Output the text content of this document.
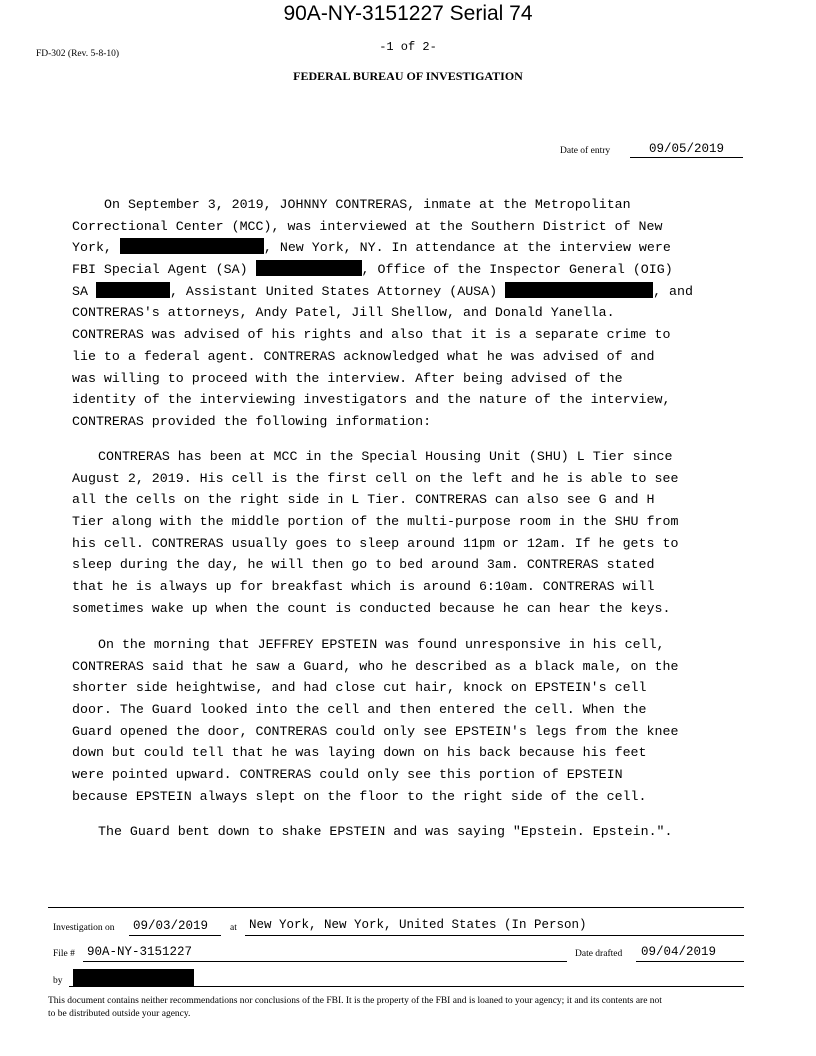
90A-NY-3151227 Serial 74
FD-302 (Rev. 5-8-10)	-1 of 2-
FEDERAL BUREAU OF INVESTIGATION
Date of entry	09/05/2019
On September 3, 2019, JOHNNY CONTRERAS, inmate at the Metropolitan
Correctional Center (MCC), was interviewed at the Southern District of New
York,	, New York, NY. In attendance at the interview were
FBI Special Agent (SA)	, Office of the Inspector General (OIG)
SA	, Assistant United States Attorney (AUSA)	, and
CONTRERAS's attorneys, Andy Patel, Jill Shellow, and Donald Yanella.
CONTRERAS was advised of his rights and also that it is a separate crime to
lie to a federal agent. CONTRERAS acknowledged what he was advised of and
was willing to proceed with the interview. After being advised of the
identity of the interviewing investigators and the nature of the interview,
CONTRERAS provided the following information:
CONTRERAS has been at MCC in the Special Housing Unit (SHU) L Tier since
August 2, 2019. His cell is the first cell on the left and he is able to see
all the cells on the right side in L Tier. CONTRERAS can also see G and H
Tier along with the middle portion of the multi-purpose room in the SHU from
his cell. CONTRERAS usually goes to sleep around 11pm or 12am. If he gets to
sleep during the day, he will then go to bed around 3am. CONTRERAS stated
that he is always up for breakfast which is around 6:10am. CONTRERAS will
sometimes wake up when the count is conducted because he can hear the keys.
On the morning that JEFFREY EPSTEIN was found unresponsive in his cell,
CONTRERAS said that he saw a Guard, who he described as a black male, on the
shorter side heightwise, and had close cut hair, knock on EPSTEIN's cell
door. The Guard looked into the cell and then entered the cell. When the
Guard opened the door, CONTRERAS could only see EPSTEIN's legs from the knee
down but could tell that he was laying down on his back because his feet
were pointed upward. CONTRERAS could only see this portion of EPSTEIN
because EPSTEIN always slept on the floor to the right side of the cell.
The Guard bent down to shake EPSTEIN and was saying "Epstein. Epstein.".
Investigation on 09/03/2019 at New York, New York, United States (In Person)
File # 90A-NY-3151227	Date drafted 09/04/2019
by
This document contains neither recommendations nor conclusions of the FBI. It is the property of the FBI and is loaned to your agency; it and its contents are not
to be distributed outside your agency.
